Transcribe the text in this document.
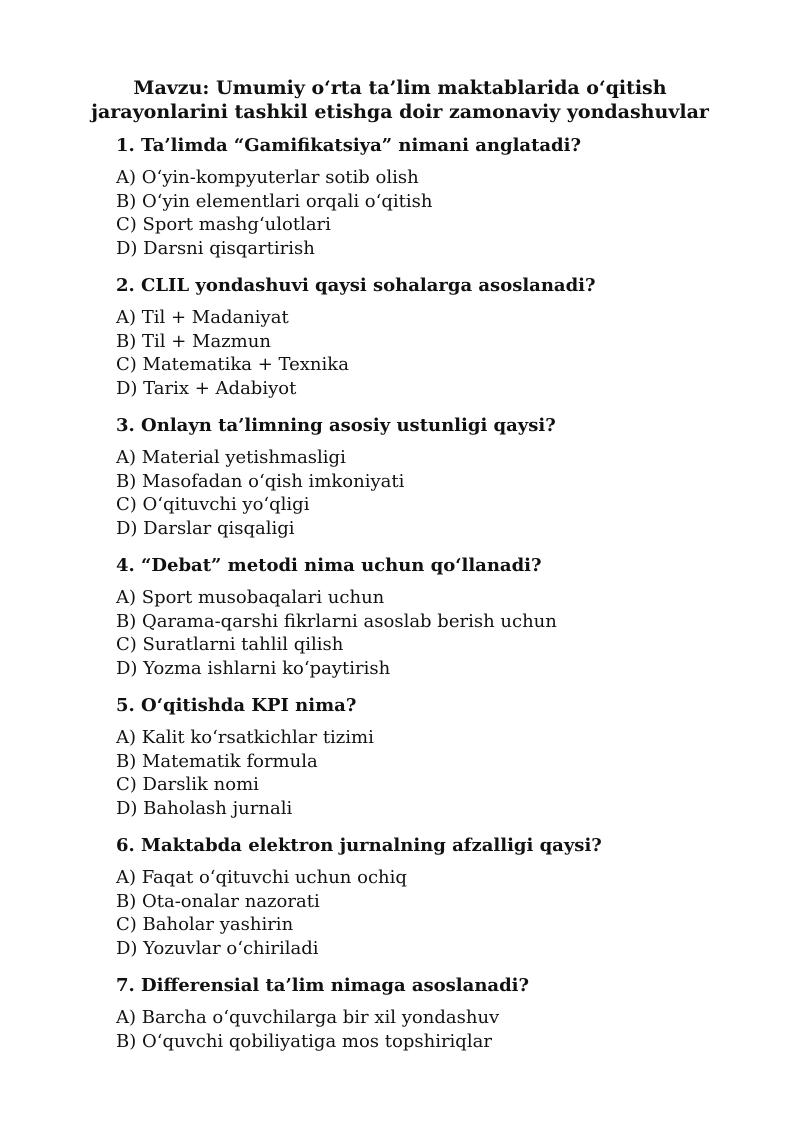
Mavzu: Umumiy o‘rta ta’lim maktablarida o‘qitish
jarayonlarini tashkil etishga doir zamonaviy yondashuvlar
1. Ta’limda “Gamifikatsiya” nimani anglatadi?
A) O‘yin-kompyuterlar sotib olish
B) O‘yin elementlari orqali o‘qitish
C) Sport mashg‘ulotlari
D) Darsni qisqartirish
2. CLIL yondashuvi qaysi sohalarga asoslanadi?
A) Til + Madaniyat
B) Til + Mazmun
C) Matematika + Texnika
D) Tarix + Adabiyot
3. Onlayn ta’limning asosiy ustunligi qaysi?
A) Material yetishmasligi
B) Masofadan o‘qish imkoniyati
C) O‘qituvchi yo‘qligi
D) Darslar qisqaligi
4. “Debat” metodi nima uchun qo‘llanadi?
A) Sport musobaqalari uchun
B) Qarama-qarshi fikrlarni asoslab berish uchun
C) Suratlarni tahlil qilish
D) Yozma ishlarni ko‘paytirish
5. O‘qitishda KPI nima?
A) Kalit ko‘rsatkichlar tizimi
B) Matematik formula
C) Darslik nomi
D) Baholash jurnali
6. Maktabda elektron jurnalning afzalligi qaysi?
A) Faqat o‘qituvchi uchun ochiq
B) Ota-onalar nazorati
C) Baholar yashirin
D) Yozuvlar o‘chiriladi
7. Differensial ta’lim nimaga asoslanadi?
A) Barcha o‘quvchilarga bir xil yondashuv
B) O‘quvchi qobiliyatiga mos topshiriqlar
